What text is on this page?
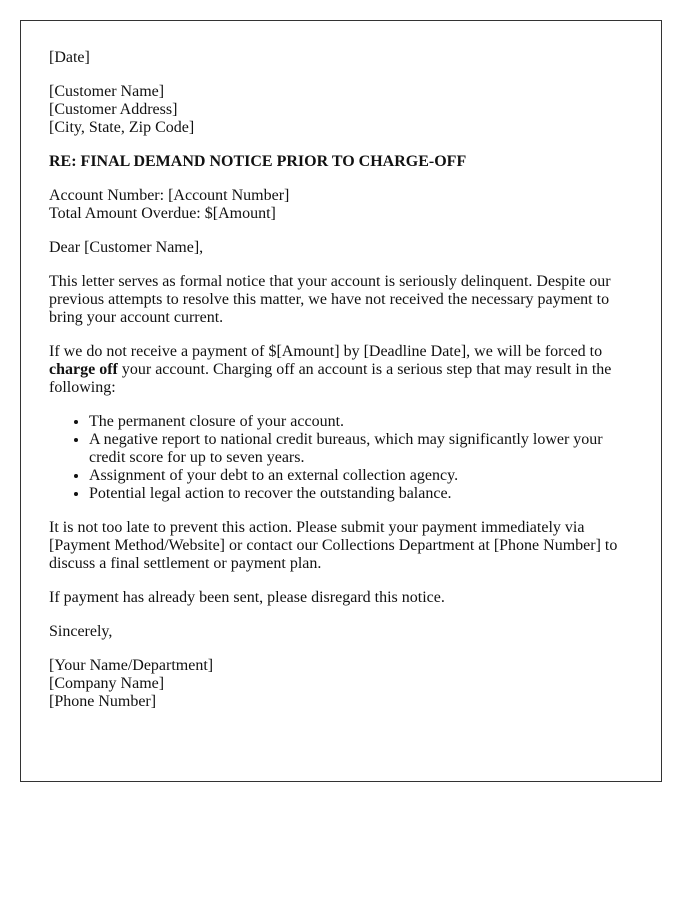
[Date]

[Customer Name]
[Customer Address]
[City, State, Zip Code]

RE: FINAL DEMAND NOTICE PRIOR TO CHARGE-OFF

Account Number: [Account Number]
Total Amount Overdue: $[Amount]

Dear [Customer Name],

This letter serves as formal notice that your account is seriously delinquent. Despite our previous attempts to resolve this matter, we have not received the necessary payment to bring your account current.

If we do not receive a payment of $[Amount] by [Deadline Date], we will be forced to charge off your account. Charging off an account is a serious step that may result in the following:

• The permanent closure of your account.
• A negative report to national credit bureaus, which may significantly lower your credit score for up to seven years.
• Assignment of your debt to an external collection agency.
• Potential legal action to recover the outstanding balance.

It is not too late to prevent this action. Please submit your payment immediately via [Payment Method/Website] or contact our Collections Department at [Phone Number] to discuss a final settlement or payment plan.

If payment has already been sent, please disregard this notice.

Sincerely,

[Your Name/Department]
[Company Name]
[Phone Number]
